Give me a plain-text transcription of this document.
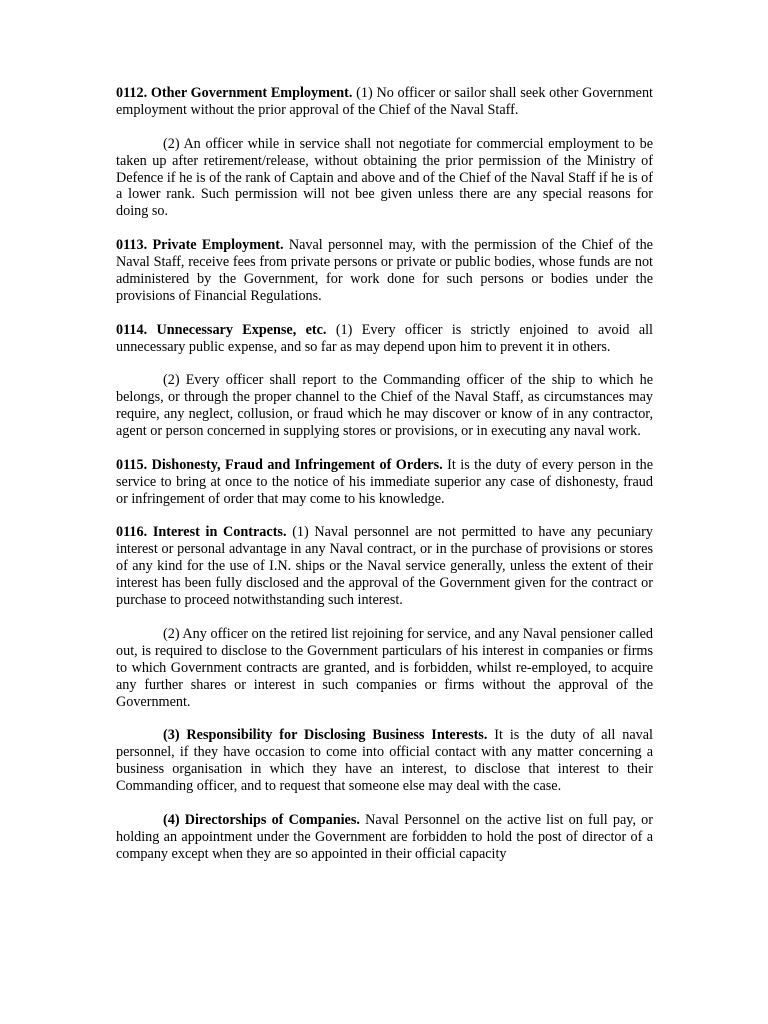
0112. Other Government Employment. (1) No officer or sailor shall seek other Government employment without the prior approval of the Chief of the Naval Staff.

(2) An officer while in service shall not negotiate for commercial employment to be taken up after retirement/release, without obtaining the prior permission of the Ministry of Defence if he is of the rank of Captain and above and of the Chief of the Naval Staff if he is of a lower rank. Such permission will not bee given unless there are any special reasons for doing so.

0113. Private Employment. Naval personnel may, with the permission of the Chief of the Naval Staff, receive fees from private persons or private or public bodies, whose funds are not administered by the Government, for work done for such persons or bodies under the provisions of Financial Regulations.

0114. Unnecessary Expense, etc. (1) Every officer is strictly enjoined to avoid all unnecessary public expense, and so far as may depend upon him to prevent it in others.

(2) Every officer shall report to the Commanding officer of the ship to which he belongs, or through the proper channel to the Chief of the Naval Staff, as circumstances may require, any neglect, collusion, or fraud which he may discover or know of in any contractor, agent or person concerned in supplying stores or provisions, or in executing any naval work.

0115. Dishonesty, Fraud and Infringement of Orders. It is the duty of every person in the service to bring at once to the notice of his immediate superior any case of dishonesty, fraud or infringement of order that may come to his knowledge.

0116. Interest in Contracts. (1) Naval personnel are not permitted to have any pecuniary interest or personal advantage in any Naval contract, or in the purchase of provisions or stores of any kind for the use of I.N. ships or the Naval service generally, unless the extent of their interest has been fully disclosed and the approval of the Government given for the contract or purchase to proceed notwithstanding such interest.

(2) Any officer on the retired list rejoining for service, and any Naval pensioner called out, is required to disclose to the Government particulars of his interest in companies or firms to which Government contracts are granted, and is forbidden, whilst re-employed, to acquire any further shares or interest in such companies or firms without the approval of the Government.

(3) Responsibility for Disclosing Business Interests. It is the duty of all naval personnel, if they have occasion to come into official contact with any matter concerning a business organisation in which they have an interest, to disclose that interest to their Commanding officer, and to request that someone else may deal with the case.

(4) Directorships of Companies. Naval Personnel on the active list on full pay, or holding an appointment under the Government are forbidden to hold the post of director of a company except when they are so appointed in their official capacity
